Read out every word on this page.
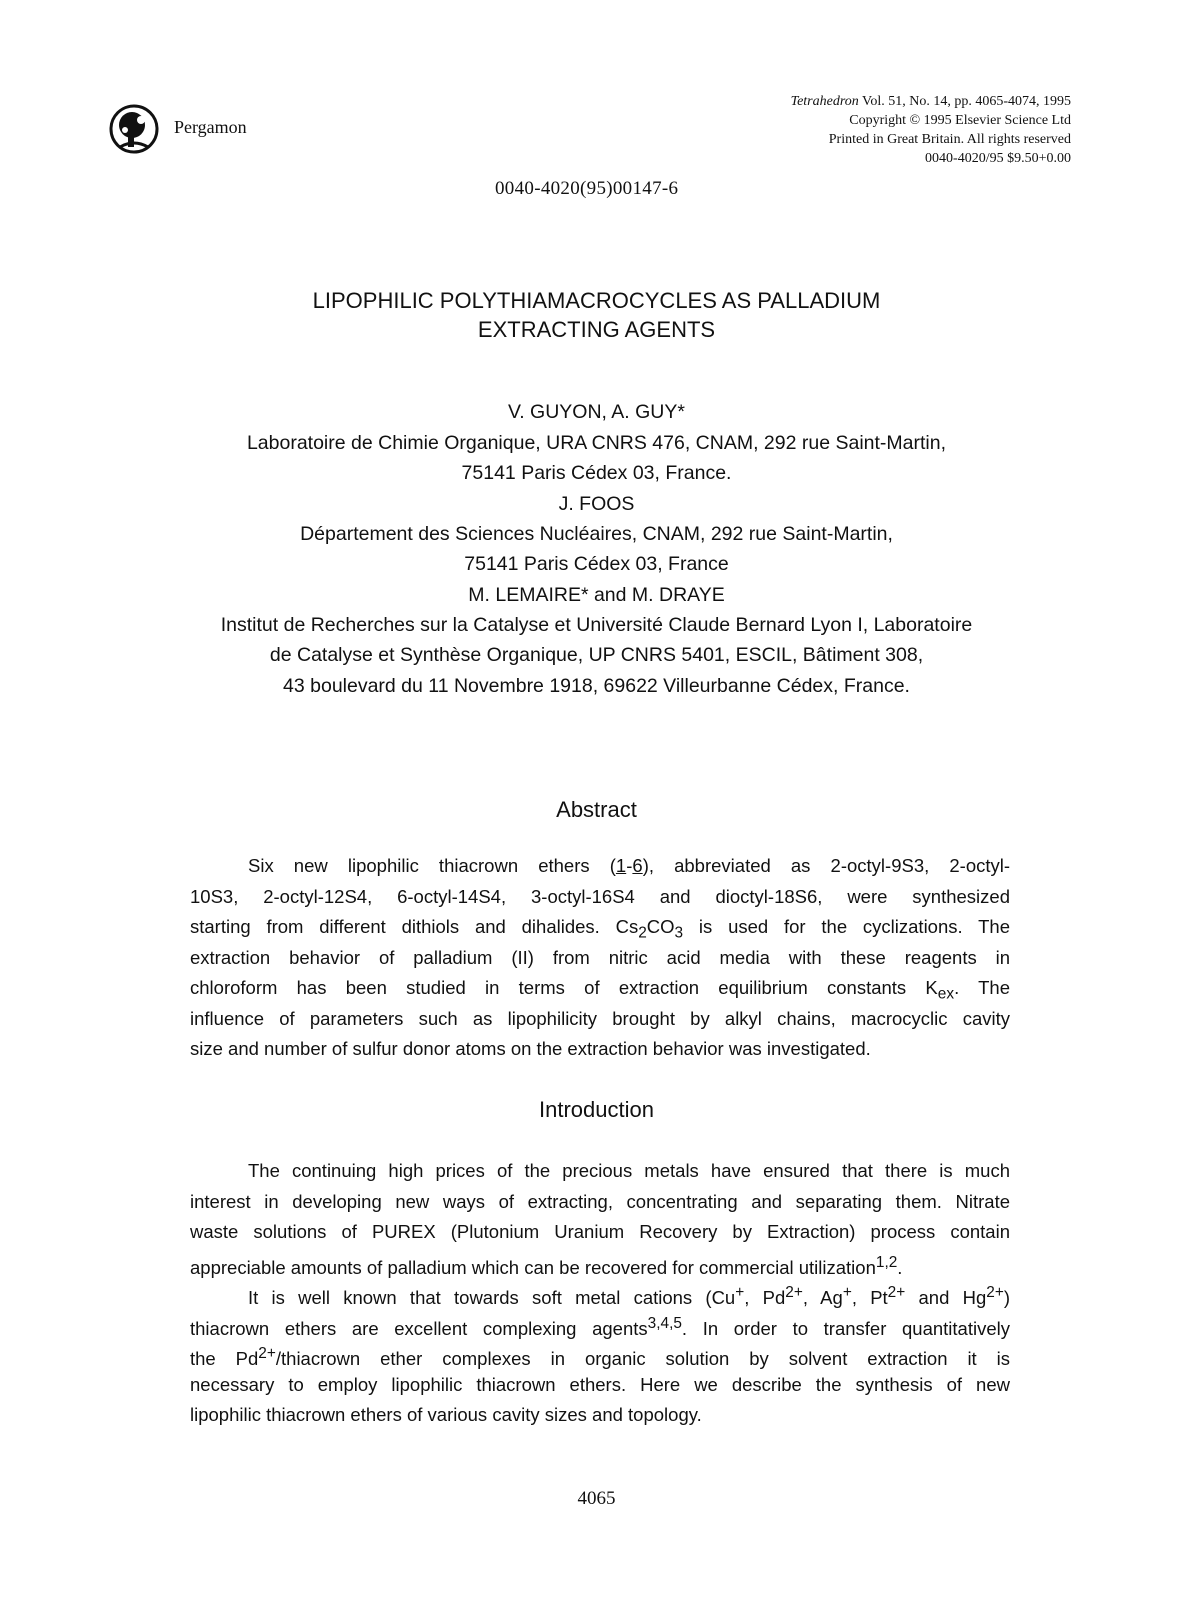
Pergamon
Tetrahedron Vol. 51, No. 14, pp. 4065-4074, 1995
Copyright © 1995 Elsevier Science Ltd
Printed in Great Britain. All rights reserved
0040-4020/95 $9.50+0.00
0040-4020(95)00147-6
LIPOPHILIC POLYTHIAMACROCYCLES AS PALLADIUM
EXTRACTING AGENTS
V. GUYON, A. GUY*
Laboratoire de Chimie Organique, URA CNRS 476, CNAM, 292 rue Saint-Martin,
75141 Paris Cédex 03, France.
J. FOOS
Département des Sciences Nucléaires, CNAM, 292 rue Saint-Martin,
75141 Paris Cédex 03, France
M. LEMAIRE* and M. DRAYE
Institut de Recherches sur la Catalyse et Université Claude Bernard Lyon I, Laboratoire
de Catalyse et Synthèse Organique, UP CNRS 5401, ESCIL, Bâtiment 308,
43 boulevard du 11 Novembre 1918, 69622 Villeurbanne Cédex, France.
Abstract
Six new lipophilic thiacrown ethers (1-6), abbreviated as 2-octyl-9S3, 2-octyl-
10S3, 2-octyl-12S4, 6-octyl-14S4, 3-octyl-16S4 and dioctyl-18S6, were synthesized
starting from different dithiols and dihalides. $Cs_2CO_3$ is used for the cyclizations. The
extraction behavior of palladium (II) from nitric acid media with these reagents in
chloroform has been studied in terms of extraction equilibrium constants $K_{ex}$. The
influence of parameters such as lipophilicity brought by alkyl chains, macrocyclic cavity
size and number of sulfur donor atoms on the extraction behavior was investigated.
Introduction
The continuing high prices of the precious metals have ensured that there is much
interest in developing new ways of extracting, concentrating and separating them. Nitrate
waste solutions of PUREX (Plutonium Uranium Recovery by Extraction) process contain
appreciable amounts of palladium which can be recovered for commercial utilization$^{1,2}$.
It is well known that towards soft metal cations (Cu+, $Pd^{2+}$, Ag+, $Pt^{2+}$ and $Hg^{2+}$)
thiacrown ethers are excellent complexing agents$^{3,4,5}$. In order to transfer quantitatively
the $Pd^{2+}$/thiacrown ether complexes in organic solution by solvent extraction it is
necessary to employ lipophilic thiacrown ethers. Here we describe the synthesis of new
lipophilic thiacrown ethers of various cavity sizes and topology.
4065
